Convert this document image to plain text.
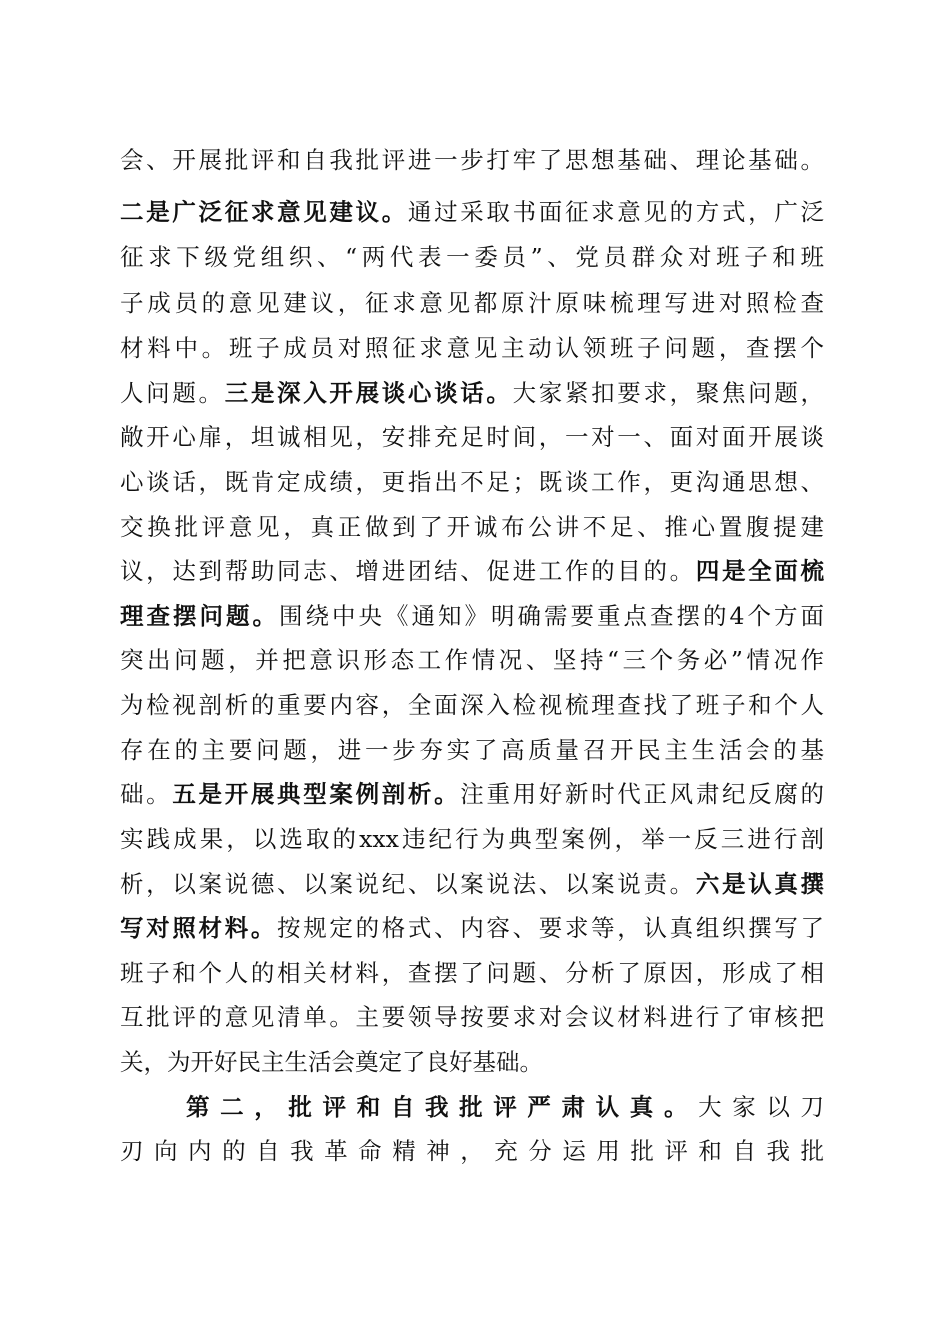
会、开展批评和自我批评进一步打牢了思想基础、理论基础。
二是广泛征求意见建议。通过采取书面征求意见的方式，广泛
征求下级党组织、“两代表一委员”、党员群众对班子和班
子成员的意见建议，征求意见都原汁原味梳理写进对照检查
材料中。班子成员对照征求意见主动认领班子问题，查摆个
人问题。三是深入开展谈心谈话。大家紧扣要求，聚焦问题，
敞开心扉，坦诚相见，安排充足时间，一对一、面对面开展谈
心谈话，既肯定成绩，更指出不足；既谈工作，更沟通思想、
交换批评意见，真正做到了开诚布公讲不足、推心置腹提建
议，达到帮助同志、增进团结、促进工作的目的。四是全面梳
理查摆问题。围绕中央《通知》明确需要重点查摆的4个方面
突出问题，并把意识形态工作情况、坚持“三个务必”情况作
为检视剖析的重要内容，全面深入检视梳理查找了班子和个人
存在的主要问题，进一步夯实了高质量召开民主生活会的基
础。五是开展典型案例剖析。注重用好新时代正风肃纪反腐的
实践成果，以选取的xxx违纪行为典型案例，举一反三进行剖
析，以案说德、以案说纪、以案说法、以案说责。六是认真撰
写对照材料。按规定的格式、内容、要求等，认真组织撰写了
班子和个人的相关材料，查摆了问题、分析了原因，形成了相
互批评的意见清单。主要领导按要求对会议材料进行了审核把
关，为开好民主生活会奠定了良好基础。
第二，批评和自我批评严肃认真。大家以刀
刃向内的自我革命精神，充分运用批评和自我批
